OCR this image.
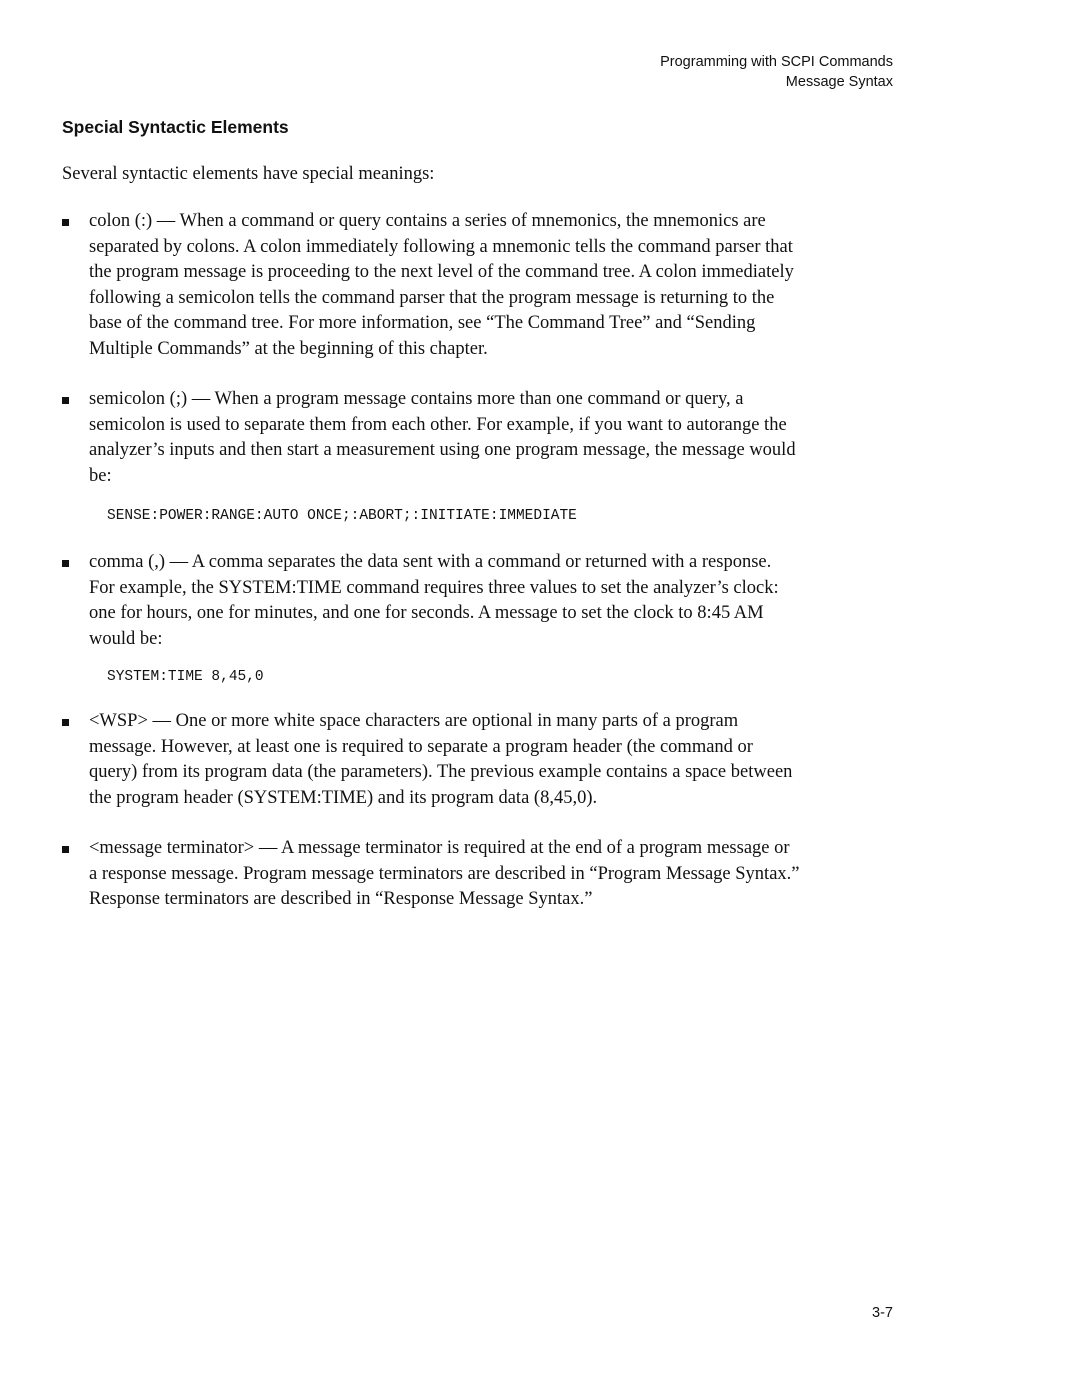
Programming with SCPI Commands
Message Syntax
Special Syntactic Elements
Several syntactic elements have special meanings:
colon (:) — When a command or query contains a series of mnemonics, the mnemonics are
separated by colons. A colon immediately following a mnemonic tells the command parser that
the program message is proceeding to the next level of the command tree. A colon immediately
following a semicolon tells the command parser that the program message is returning to the
base of the command tree. For more information, see “The Command Tree” and “Sending
Multiple Commands” at the beginning of this chapter.
semicolon (;) — When a program message contains more than one command or query, a
semicolon is used to separate them from each other. For example, if you want to autorange the
analyzer’s inputs and then start a measurement using one program message, the message would
be:
SENSE:POWER:RANGE:AUTO ONCE;:ABORT;:INITIATE:IMMEDIATE
comma (,) — A comma separates the data sent with a command or returned with a response.
For example, the SYSTEM:TIME command requires three values to set the analyzer’s clock:
one for hours, one for minutes, and one for seconds. A message to set the clock to 8:45 AM
would be:
SYSTEM:TIME 8,45,0
<WSP> — One or more white space characters are optional in many parts of a program
message. However, at least one is required to separate a program header (the command or
query) from its program data (the parameters). The previous example contains a space between
the program header (SYSTEM:TIME) and its program data (8,45,0).
<message terminator> — A message terminator is required at the end of a program message or
a response message. Program message terminators are described in “Program Message Syntax.”
Response terminators are described in “Response Message Syntax.”
3-7
